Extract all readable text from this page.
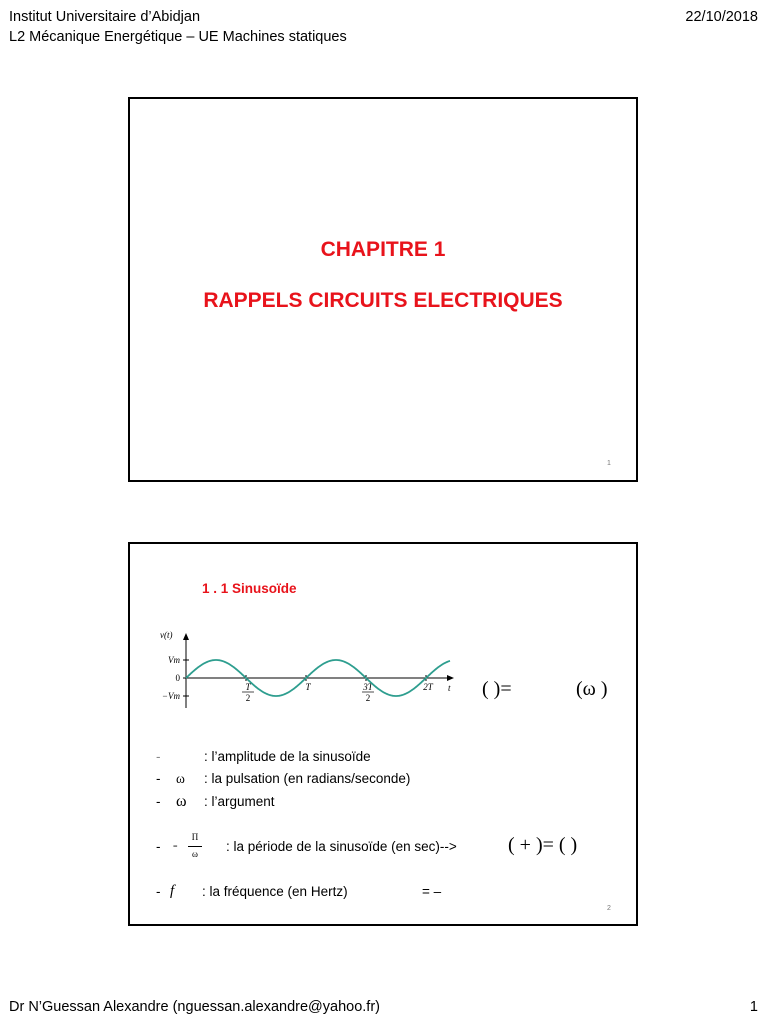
Institut Universitaire d’Abidjan
L2 Mécanique Energétique – UE Machines statiques
22/10/2018
CHAPITRE 1
RAPPELS CIRCUITS ELECTRIQUES
1
1 . 1 Sinusoïde
v(t)
t
Vm
0
−Vm
T
2
T	3T
2
2T ( )=	(ω )
-	: l’amplitude de la sinusoïde
- ω : la pulsation (en radians/seconde)
- ω : l’argument
- =
Π
ω : la période de la sinusoïde (en sec)-->	( + )= ( )
- f : la fréquence (en Hertz)	= –
2
Dr N’Guessan Alexandre (nguessan.alexandre@yahoo.fr)	1
